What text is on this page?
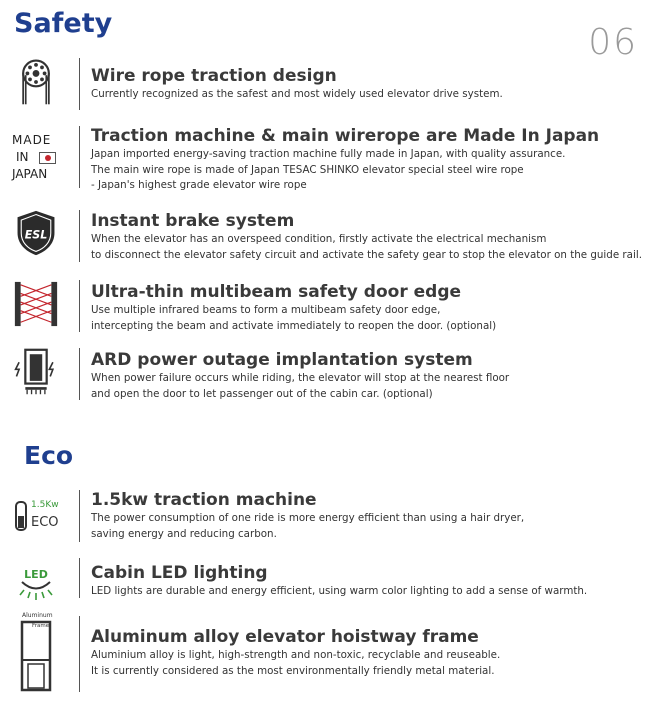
Safety	06
Wire rope traction design
Currently recognized as the safest and most widely used elevator drive system.
MADE
IN
JAPAN
Traction machine & main wirerope are Made In Japan
Japan imported energy-saving traction machine fully made in Japan, with quality assurance.
The main wire rope is made of Japan TESAC SHINKO elevator special steel wire rope
- Japan's highest grade elevator wire rope
ESL
Instant brake system
When the elevator has an overspeed condition, firstly activate the electrical mechanism
to disconnect the elevator safety circuit and activate the safety gear to stop the elevator on the guide rail.
Ultra-thin multibeam safety door edge
Use multiple infrared beams to form a multibeam safety door edge,
intercepting the beam and activate immediately to reopen the door. (optional)
ARD power outage implantation system
When power failure occurs while riding, the elevator will stop at the nearest floor
and open the door to let passenger out of the cabin car. (optional)
Eco
1.5Kw
ECO
1.5kw traction machine
The power consumption of one ride is more energy efficient than using a hair dryer,
saving energy and reducing carbon.
LED	Cabin LED lighting
LED lights are durable and energy efficient, using warm color lighting to add a sense of warmth.
Aluminum
Frame
Aluminum alloy elevator hoistway frame
Aluminium alloy is light, high-strength and non-toxic, recyclable and reuseable.
It is currently considered as the most environmentally friendly metal material.
